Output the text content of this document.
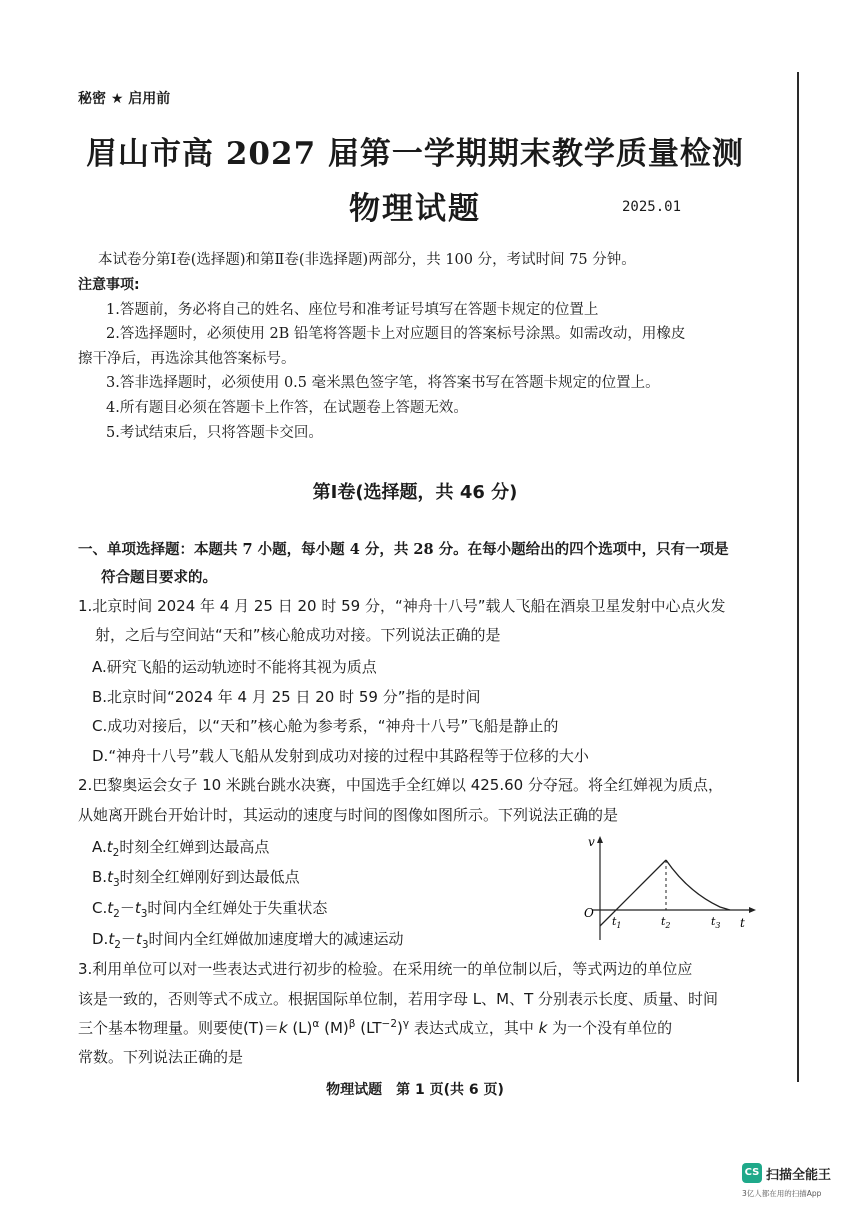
秘密 ★ 启用前
眉山市高 2027 届第一学期期末教学质量检测
物理试题	2025.01
本试卷分第Ⅰ卷(选择题)和第Ⅱ卷(非选择题)两部分，共 100 分，考试时间 75 分钟。
注意事项:
1.答题前，务必将自己的姓名、座位号和准考证号填写在答题卡规定的位置上
2.答选择题时，必须使用 2B 铅笔将答题卡上对应题目的答案标号涂黑。如需改动，用橡皮
擦干净后，再选涂其他答案标号。
3.答非选择题时，必须使用 0.5 毫米黑色签字笔，将答案书写在答题卡规定的位置上。
4.所有题目必须在答题卡上作答，在试题卷上答题无效。
5.考试结束后，只将答题卡交回。
第Ⅰ卷(选择题，共 46 分)
一、单项选择题：本题共 7 小题，每小题 4 分，共 28 分。在每小题给出的四个选项中，只有一项是
符合题目要求的。
1.北京时间 2024 年 4 月 25 日 20 时 59 分，“神舟十八号”载人飞船在酒泉卫星发射中心点火发
射，之后与空间站“天和”核心舱成功对接。下列说法正确的是
A.研究飞船的运动轨迹时不能将其视为质点
B.北京时间“2024 年 4 月 25 日 20 时 59 分”指的是时间
C.成功对接后，以“天和”核心舱为参考系，“神舟十八号”飞船是静止的
D.“神舟十八号”载人飞船从发射到成功对接的过程中其路程等于位移的大小
2.巴黎奥运会女子 10 米跳台跳水决赛，中国选手全红婵以 425.60 分夺冠。将全红婵视为质点，
从她离开跳台开始计时，其运动的速度与时间的图像如图所示。下列说法正确的是
$A.t_2$时刻全红婵到达最高点
$B.t_3$时刻全红婵刚好到达最低点
$C.t_2-t_3$时间内全红婵处于失重状态
$D.t_2-t_3$时间内全红婵做加速度增大的减速运动
v
O
t
$t_1$	$t_2$	$t_3$
3.利用单位可以对一些表达式进行初步的检验。在采用统一的单位制以后，等式两边的单位应
该是一致的，否则等式不成立。根据国际单位制，若用字母 L、M、T 分别表示长度、质量、时间
三个基本物理量。则要使(T)＝k $(L)^\alpha$ $(M)^\beta$ $(LT^{-2})^\gamma$ 表达式成立，其中 k 为一个没有单位的
常数。下列说法正确的是
物理试题　第 1 页(共 6 页)
CS 扫描全能王
3亿人都在用的扫描App
